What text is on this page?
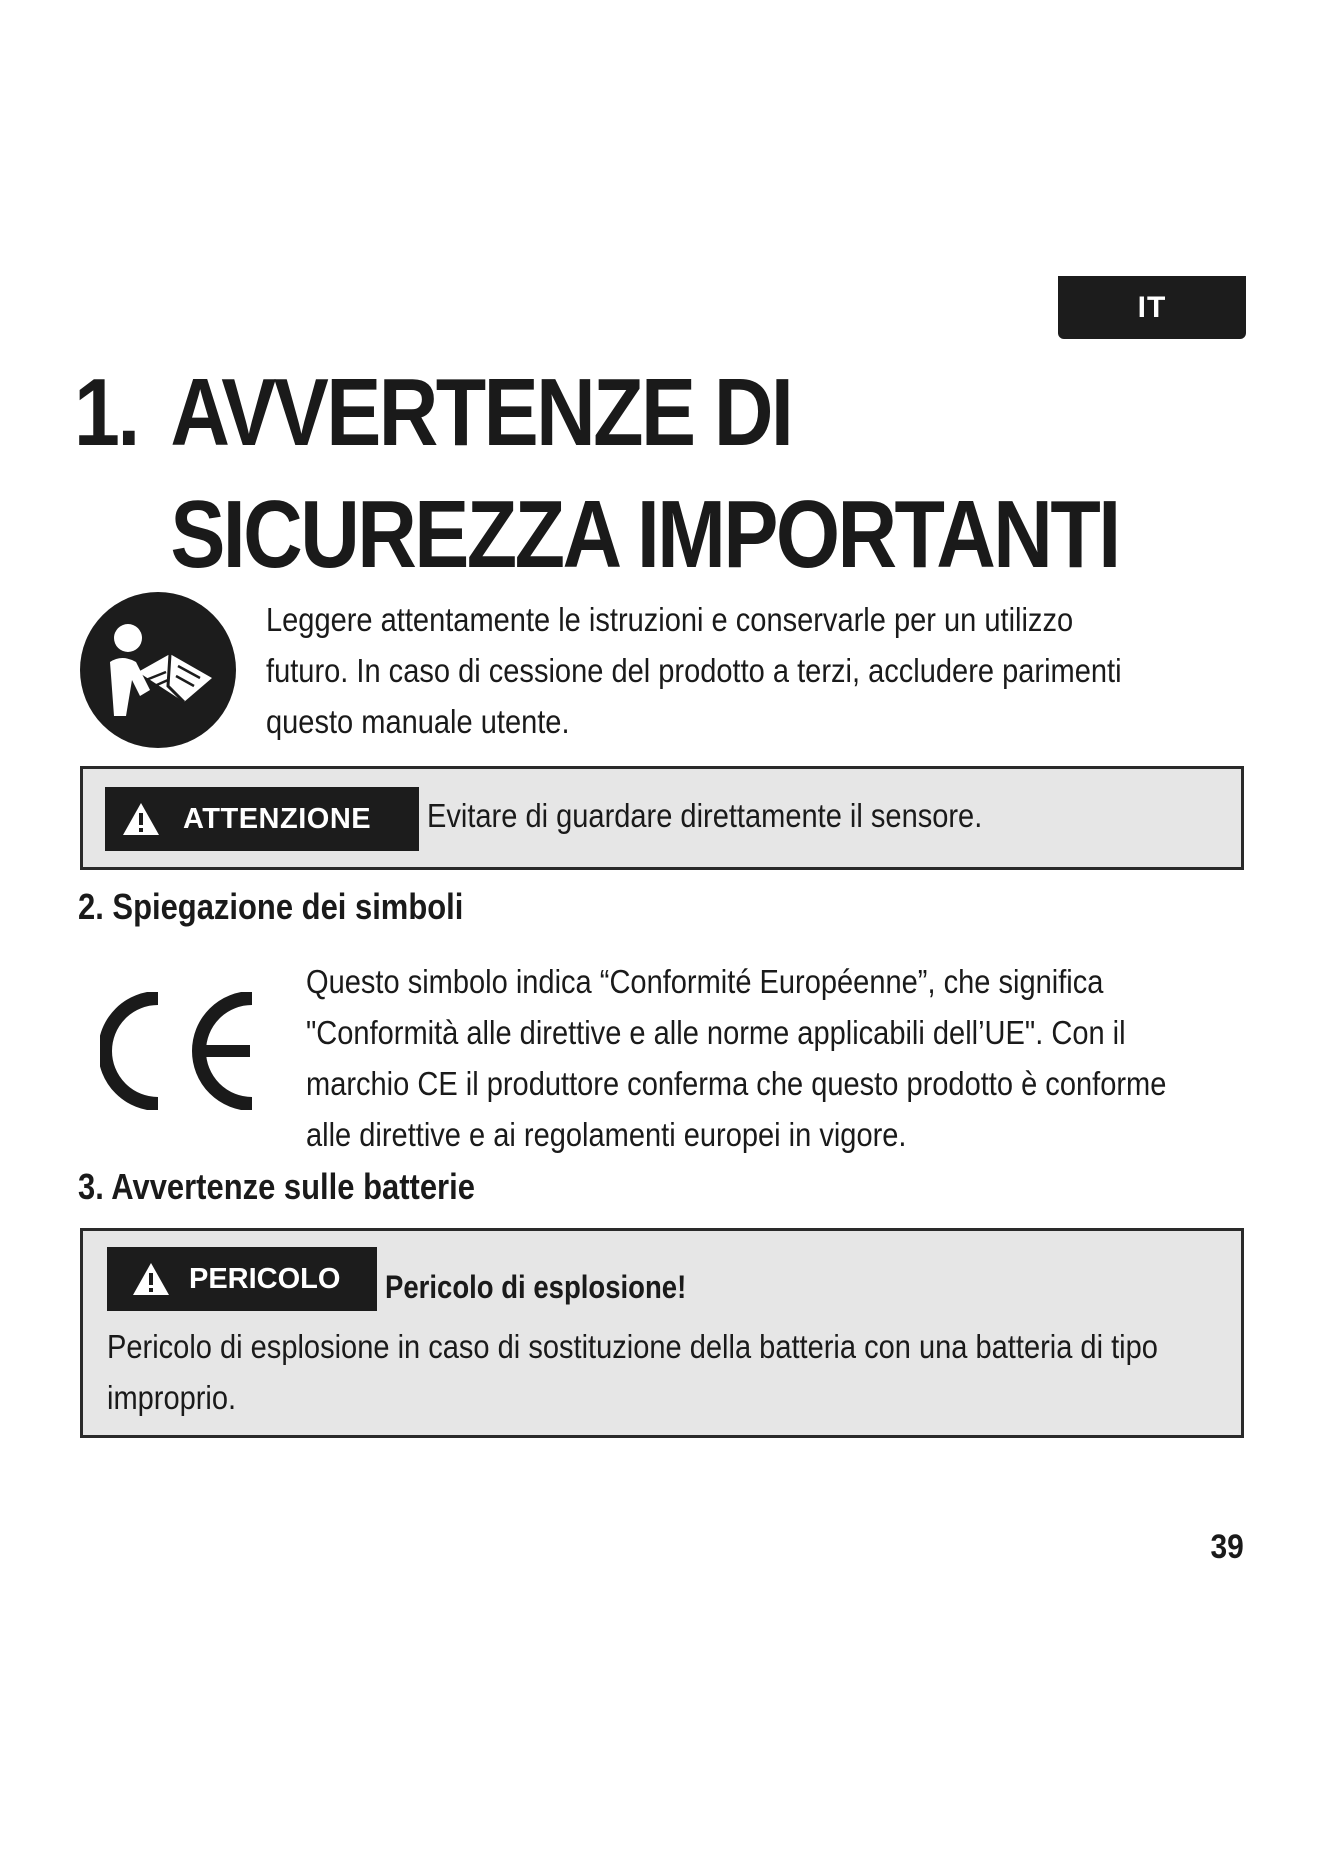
IT
1. AVVERTENZE DI
SICUREZZA IMPORTANTI

Leggere attentamente le istruzioni e conservarle per un utilizzo futuro. In caso di cessione del prodotto a terzi, accludere parimenti questo manuale utente.

ATTENZIONE Evitare di guardare direttamente il sensore.

2. Spiegazione dei simboli

Questo simbolo indica “Conformité Européenne”, che significa "Conformità alle direttive e alle norme applicabili dell’UE". Con il marchio CE il produttore conferma che questo prodotto è conforme alle direttive e ai regolamenti europei in vigore.

3. Avvertenze sulle batterie
PERICOLO Pericolo di esplosione!

Pericolo di esplosione in caso di sostituzione della batteria con una batteria di tipo improprio.

39
